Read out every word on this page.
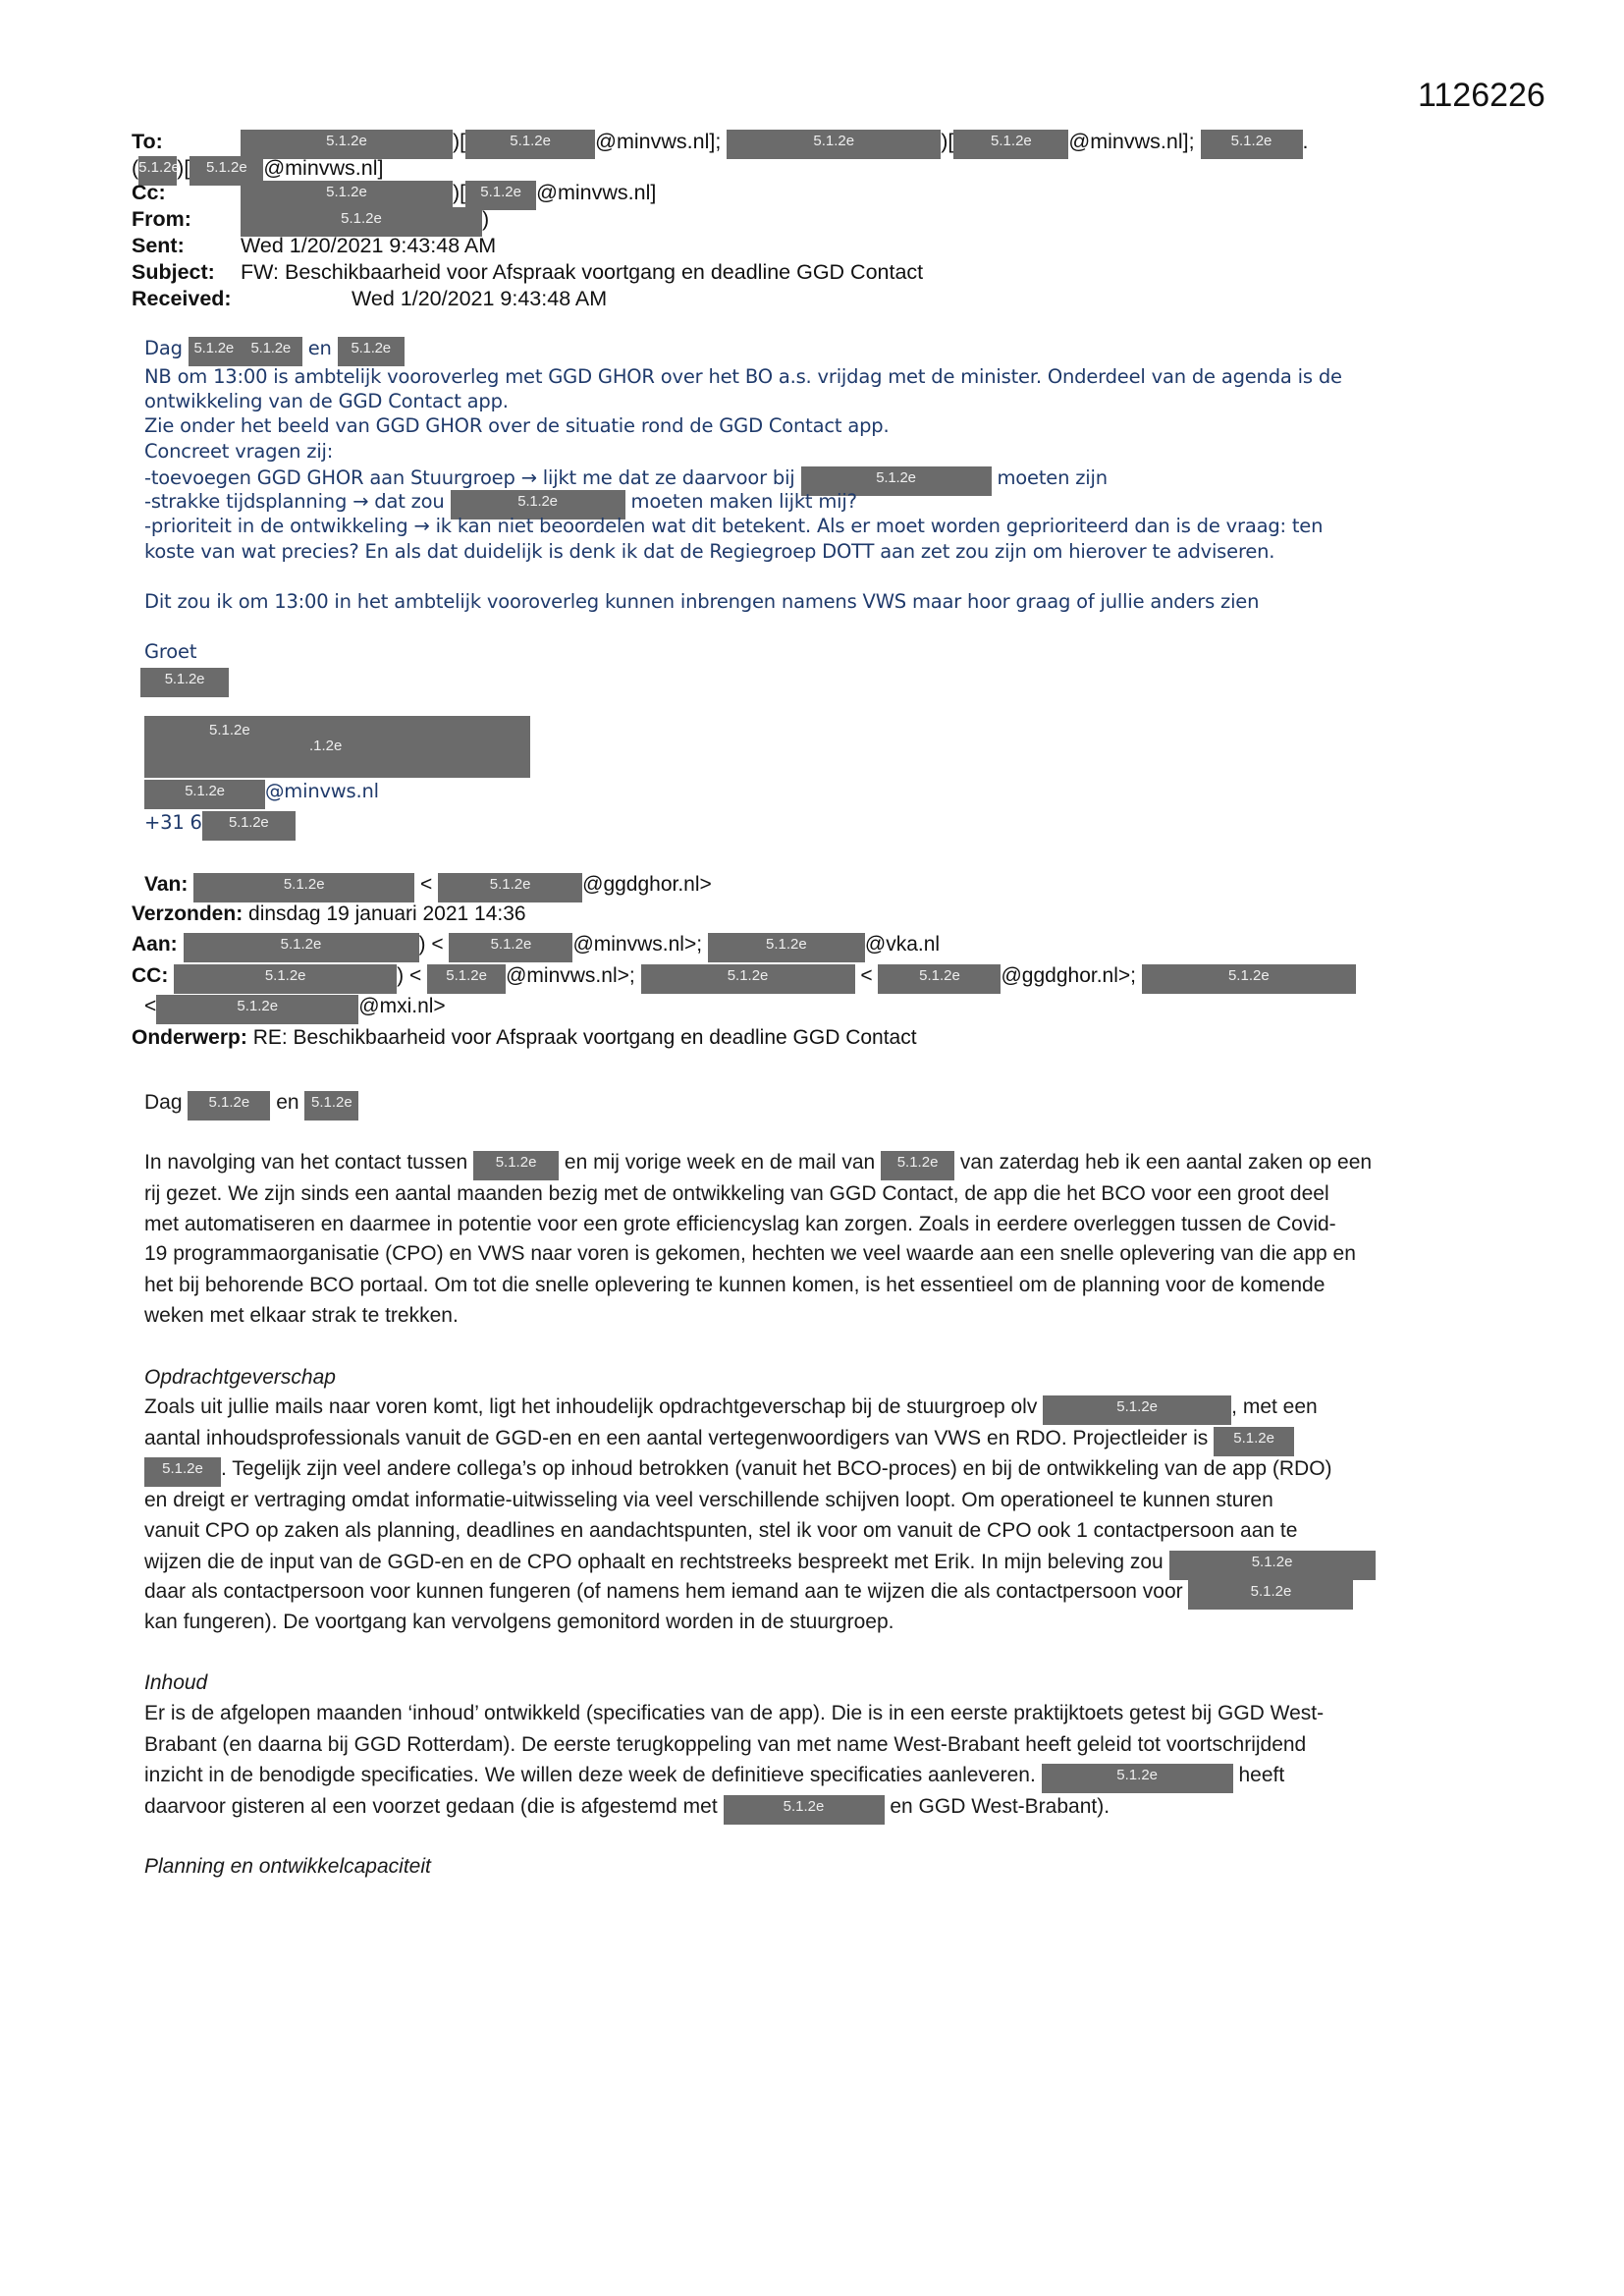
1126226
5.1.2e
.1.2e
To:	5.1.2e	)[	5.1.2e @minvws.nl];	5.1.2e	)[	5.1.2e @minvws.nl]; 5.1.2e .
(5.1.2e)[ 5.1.2e @minvws.nl]
Cc:	5.1.2e	)[ 5.1.2e @minvws.nl]
From:	5.1.2e	)
Sent:	Wed 1/20/2021 9:43:48 AM
Subject: FW: Beschikbaarheid voor Afspraak voortgang en deadline GGD Contact
Received:	Wed 1/20/2021 9:43:48 AM
Dag 5.1.2e 5.1.2e en 5.1.2e
NB om 13:00 is ambtelijk vooroverleg met GGD GHOR over het BO a.s. vrijdag met de minister. Onderdeel van de agenda is de
ontwikkeling van de GGD Contact app.
Zie onder het beeld van GGD GHOR over de situatie rond de GGD Contact app.
Concreet vragen zij:
-toevoegen GGD GHOR aan Stuurgroep → lijkt me dat ze daarvoor bij	5.1.2e	moeten zijn
-strakke tijdsplanning → dat zou	5.1.2e	moeten maken lijkt mij?
-prioriteit in de ontwikkeling → ik kan niet beoordelen wat dit betekent. Als er moet worden geprioriteerd dan is de vraag: ten
koste van wat precies? En als dat duidelijk is denk ik dat de Regiegroep DOTT aan zet zou zijn om hierover te adviseren.
Dit zou ik om 13:00 in het ambtelijk vooroverleg kunnen inbrengen namens VWS maar hoor graag of jullie anders zien
Groet
5.1.2e
5.1.2e @minvws.nl
+31 6 5.1.2e
Van:	5.1.2e	<	5.1.2e	@ggdghor.nl>
Verzonden: dinsdag 19 januari 2021 14:36
Aan:	5.1.2e	) <	5.1.2e @minvws.nl>;	5.1.2e	@vka.nl
CC:	5.1.2e	) < 5.1.2e @minvws.nl>;	5.1.2e	<	5.1.2e @ggdghor.nl>;	5.1.2e
<	5.1.2e	@mxi.nl>
Onderwerp: RE: Beschikbaarheid voor Afspraak voortgang en deadline GGD Contact
Dag 5.1.2e en 5.1.2e
In navolging van het contact tussen 5.1.2e en mij vorige week en de mail van 5.1.2e van zaterdag heb ik een aantal zaken op een
rij gezet. We zijn sinds een aantal maanden bezig met de ontwikkeling van GGD Contact, de app die het BCO voor een groot deel
met automatiseren en daarmee in potentie voor een grote efficiencyslag kan zorgen. Zoals in eerdere overleggen tussen de Covid-
19 programmaorganisatie (CPO) en VWS naar voren is gekomen, hechten we veel waarde aan een snelle oplevering van die app en
het bij behorende BCO portaal. Om tot die snelle oplevering te kunnen komen, is het essentieel om de planning voor de komende
weken met elkaar strak te trekken.
Opdrachtgeverschap
Zoals uit jullie mails naar voren komt, ligt het inhoudelijk opdrachtgeverschap bij de stuurgroep olv	5.1.2e	, met een
aantal inhoudsprofessionals vanuit de GGD-en en een aantal vertegenwoordigers van VWS en RDO. Projectleider is 5.1.2e
5.1.2e . Tegelijk zijn veel andere collega’s op inhoud betrokken (vanuit het BCO-proces) en bij de ontwikkeling van de app (RDO)
en dreigt er vertraging omdat informatie-uitwisseling via veel verschillende schijven loopt. Om operationeel te kunnen sturen
vanuit CPO op zaken als planning, deadlines en aandachtspunten, stel ik voor om vanuit de CPO ook 1 contactpersoon aan te
wijzen die de input van de GGD-en en de CPO ophaalt en rechtstreeks bespreekt met Erik. In mijn beleving zou	5.1.2e
daar als contactpersoon voor kunnen fungeren (of namens hem iemand aan te wijzen die als contactpersoon voor	5.1.2e
kan fungeren). De voortgang kan vervolgens gemonitord worden in de stuurgroep.
Inhoud
Er is de afgelopen maanden ‘inhoud’ ontwikkeld (specificaties van de app). Die is in een eerste praktijktoets getest bij GGD West-
Brabant (en daarna bij GGD Rotterdam). De eerste terugkoppeling van met name West-Brabant heeft geleid tot voortschrijdend
inzicht in de benodigde specificaties. We willen deze week de definitieve specificaties aanleveren.	5.1.2e	heeft
daarvoor gisteren al een voorzet gedaan (die is afgestemd met	5.1.2e	en GGD West-Brabant).
Planning en ontwikkelcapaciteit
